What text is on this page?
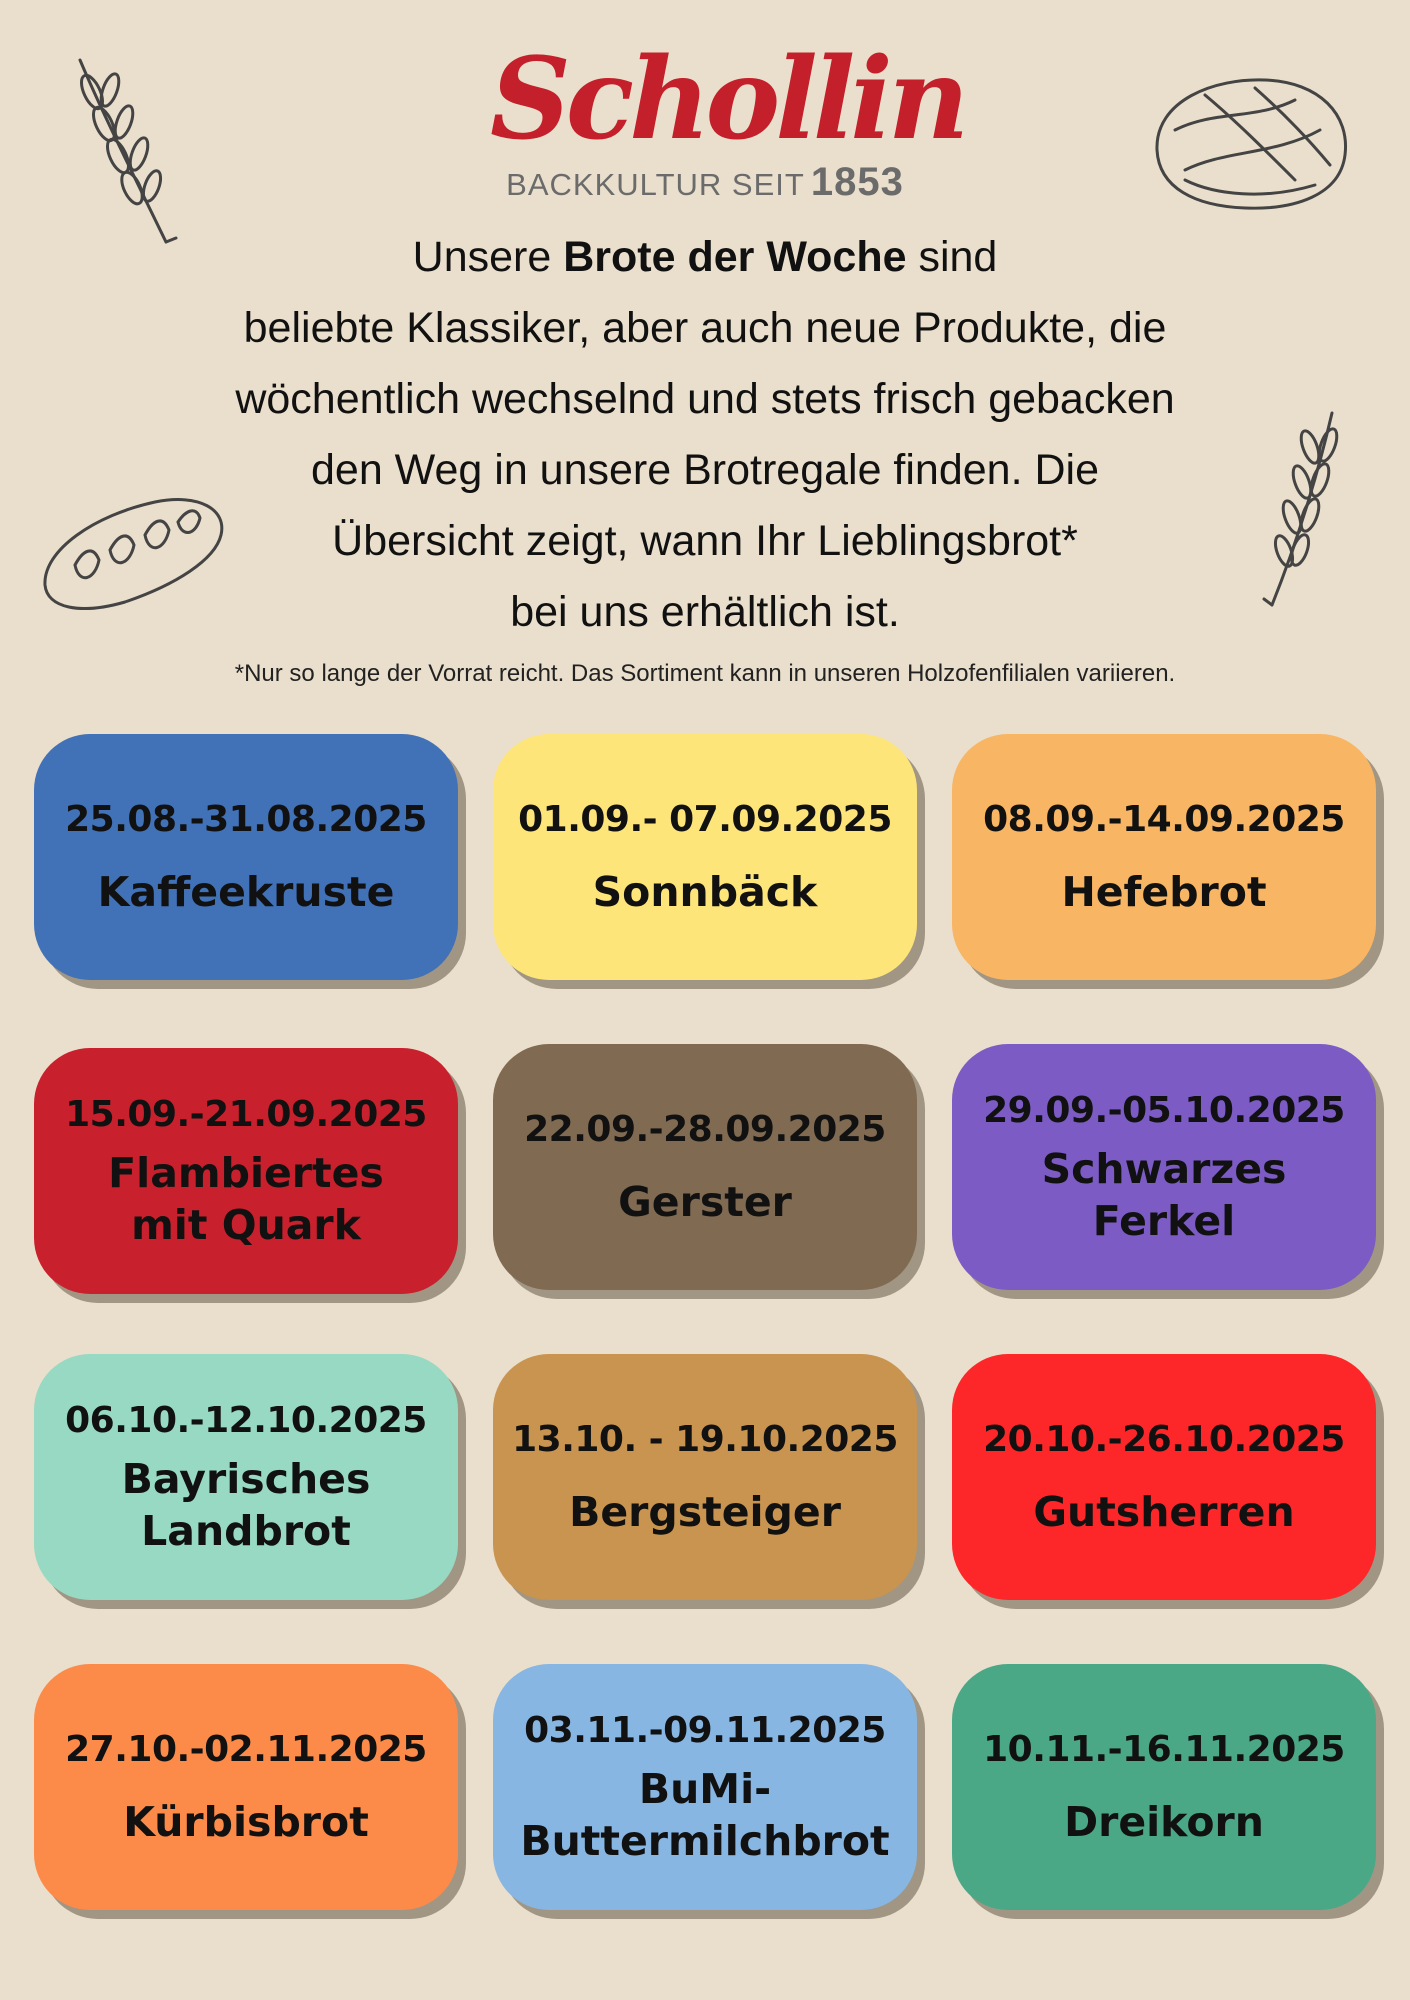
Schollin
BACKKULTUR SEIT 1853
Unsere Brote der Woche sind
beliebte Klassiker, aber auch neue Produkte, die
wöchentlich wechselnd und stets frisch gebacken
den Weg in unsere Brotregale finden. Die
Übersicht zeigt, wann Ihr Lieblingsbrot*
bei uns erhältlich ist.
*Nur so lange der Vorrat reicht. Das Sortiment kann in unseren Holzofenfilialen variieren.
25.08.-31.08.2025
Kaffeekruste
01.09.- 07.09.2025
Sonnbäck
08.09.-14.09.2025
Hefebrot
15.09.-21.09.2025
Flambiertes
mit Quark
22.09.-28.09.2025
Gerster
29.09.-05.10.2025
Schwarzes
Ferkel
06.10.-12.10.2025
Bayrisches
Landbrot
13.10. - 19.10.2025
Bergsteiger
20.10.-26.10.2025
Gutsherren
27.10.-02.11.2025
Kürbisbrot
03.11.-09.11.2025
BuMi-
Buttermilchbrot
10.11.-16.11.2025
Dreikorn
